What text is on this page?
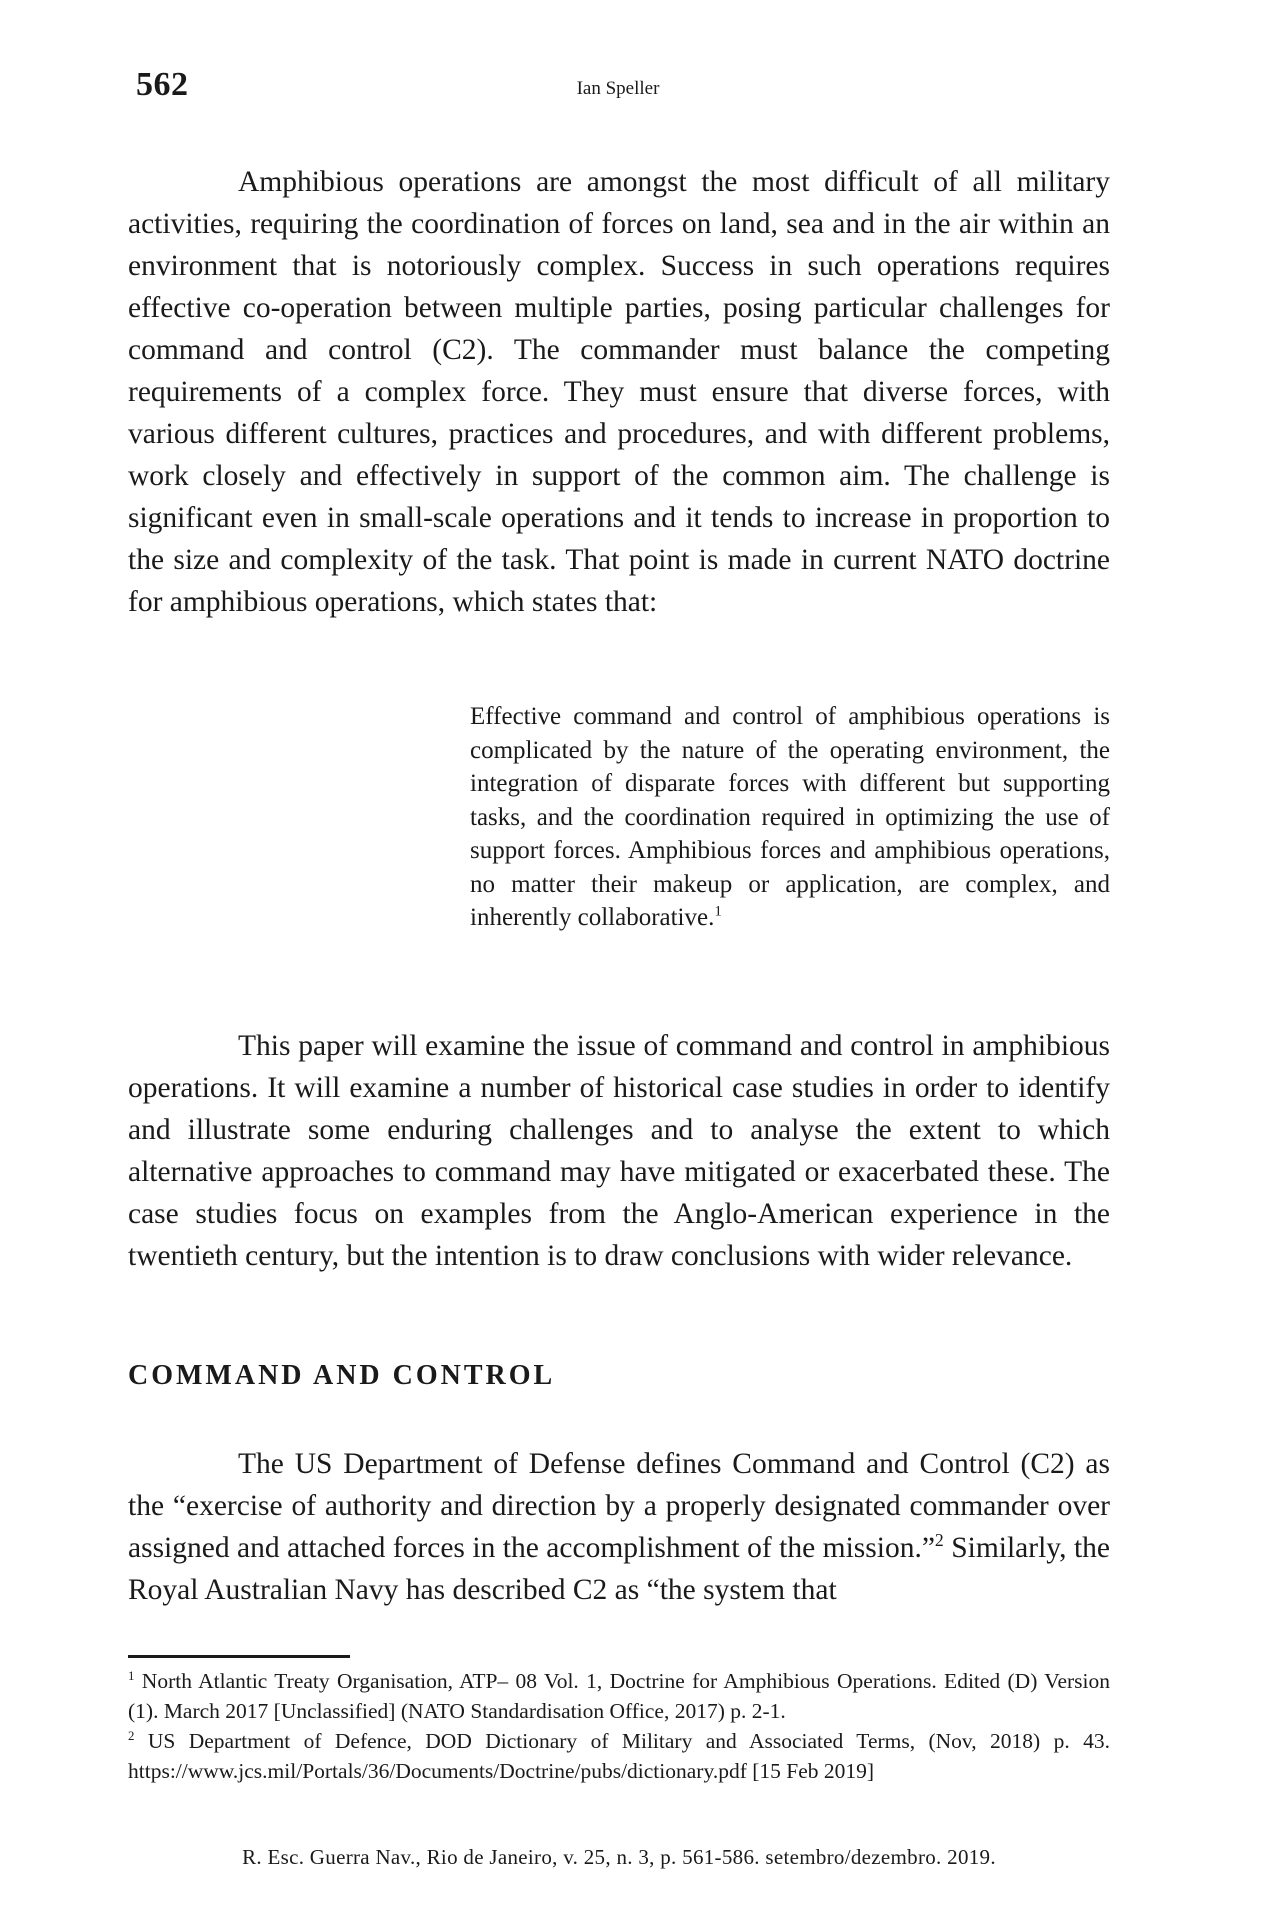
562	Ian Speller

Amphibious operations are amongst the most difficult of all military activities, requiring the coordination of forces on land, sea and in the air within an environment that is notoriously complex. Success in such operations requires effective co-operation between multiple parties, posing particular challenges for command and control (C2). The commander must balance the competing requirements of a complex force. They must ensure that diverse forces, with various different cultures, practices and procedures, and with different problems, work closely and effectively in support of the common aim. The challenge is significant even in small-scale operations and it tends to increase in proportion to the size and complexity of the task. That point is made in current NATO doctrine for amphibious operations, which states that:

Effective command and control of amphibious operations is complicated by the nature of the operating environment, the integration of disparate forces with different but supporting tasks, and the coordination required in optimizing the use of support forces. Amphibious forces and amphibious operations, no matter their makeup or application, are complex, and inherently collaborative.$^1$

This paper will examine the issue of command and control in amphibious operations. It will examine a number of historical case studies in order to identify and illustrate some enduring challenges and to analyse the extent to which alternative approaches to command may have mitigated or exacerbated these. The case studies focus on examples from the Anglo-American experience in the twentieth century, but the intention is to draw conclusions with wider relevance.

COMMAND AND CONTROL

The US Department of Defense defines Command and Control (C2) as the “exercise of authority and direction by a properly designated commander over assigned and attached forces in the accomplishment of the mission.”$^2$ Similarly, the Royal Australian Navy has described C2 as “the system that

$^1$ North Atlantic Treaty Organisation, ATP– 08 Vol. 1, Doctrine for Amphibious Operations. Edited (D) Version (1). March 2017 [Unclassified] (NATO Standardisation Office, 2017) p. 2-1.

$^2$ US Department of Defence, DOD Dictionary of Military and Associated Terms, (Nov, 2018) p. 43. https://www.jcs.mil/Portals/36/Documents/Doctrine/pubs/dictionary.pdf [15 Feb 2019]

R. Esc. Guerra Nav., Rio de Janeiro, v. 25, n. 3, p. 561-586. setembro/dezembro. 2019.
